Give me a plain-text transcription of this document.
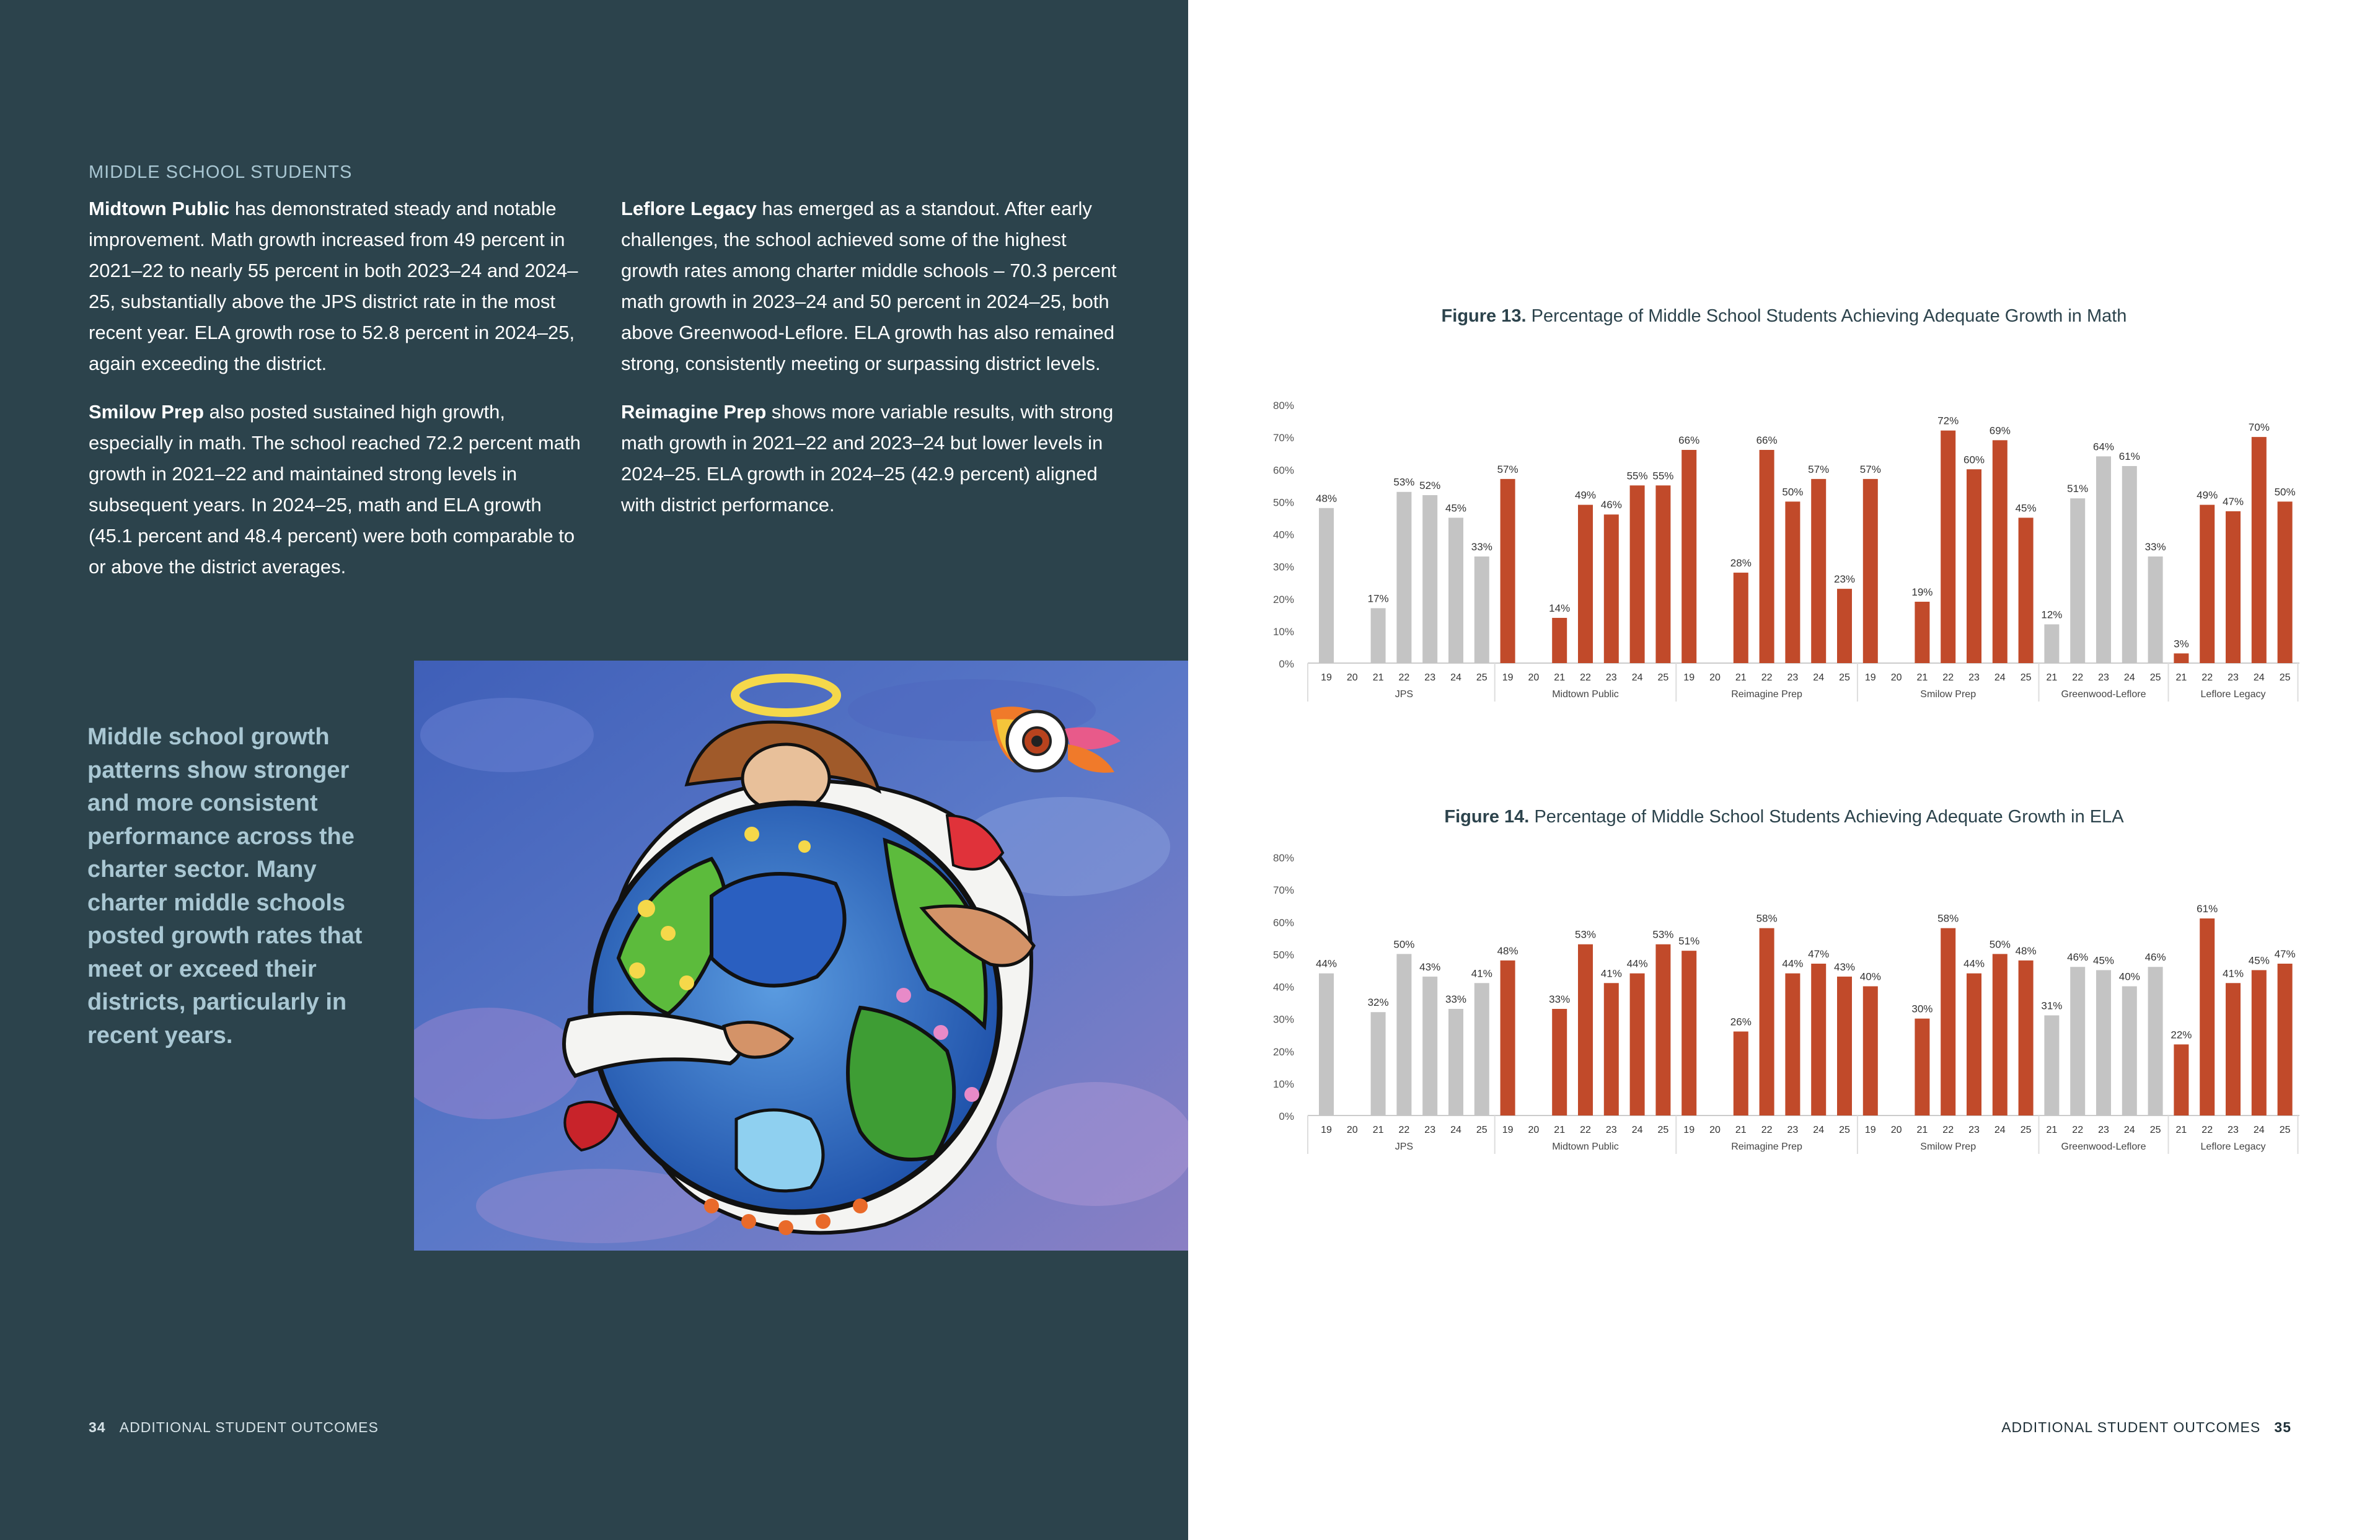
MIDDLE SCHOOL STUDENTS

Midtown Public has demonstrated steady and notable improvement. Math growth increased from 49 percent in 2021–22 to nearly 55 percent in both 2023–24 and 2024–25, substantially above the JPS district rate in the most recent year. ELA growth rose to 52.8 percent in 2024–25, again exceeding the district.

Smilow Prep also posted sustained high growth, especially in math. The school reached 72.2 percent math growth in 2021–22 and maintained strong levels in subsequent years. In 2024–25, math and ELA growth (45.1 percent and 48.4 percent) were both comparable to or above the district averages.

Leflore Legacy has emerged as a standout. After early challenges, the school achieved some of the highest growth rates among charter middle schools – 70.3 percent math growth in 2023–24 and 50 percent in 2024–25, both above Greenwood-Leflore. ELA growth has also remained strong, consistently meeting or surpassing district levels.

Reimagine Prep shows more variable results, with strong math growth in 2021–22 and 2023–24 but lower levels in 2024–25. ELA growth in 2024–25 (42.9 percent) aligned with district performance.

Middle school growth patterns show stronger and more consistent performance across the charter sector. Many charter middle schools posted growth rates that meet or exceed their districts, particularly in recent years.
34 ADDITIONAL STUDENT OUTCOMES
Figure 13. Percentage of Middle School Students Achieving Adequate Growth in Math
0%
10%
20%
30%
40%
50%
60%
70%
80%
48%
19 20
17%
21
53%
22
52%
23
45%
24
33%
25
JPS
57%
19 20
14%
21
49%
22
46%
23
55%
24
55%
25
Midtown Public
66%
19 20
28%
21
66%
22
50%
23
57%
24
23%
25
Reimagine Prep
57%
19 20
19%
21
72%
22
60%
23
69%
24
45%
25
Smilow Prep
12%
21
51%
22
64%
23
61%
24
33%
25
Greenwood-Leflore
3%
21
49%
22
47%
23
70%
24
50%
25
Leflore Legacy
Figure 14. Percentage of Middle School Students Achieving Adequate Growth in ELA
0%
10%
20%
30%
40%
50%
60%
70%
80%
44%
19 20
32%
21
50%
22
43%
23
33%
24
41%
25
JPS
48%
19 20
33%
21
53%
22
41%
23
44%
24
53%
25
Midtown Public
51%
19 20
26%
21
58%
22
44%
23
47%
24
43%
25
Reimagine Prep
40%
19 20
30%
21
58%
22
44%
23
50%
24
48%
25
Smilow Prep
31%
21
46%
22
45%
23
40%
24
46%
25
Greenwood-Leflore
22%
21
61%
22
41%
23
45%
24
47%
25
Leflore Legacy
ADDITIONAL STUDENT OUTCOMES 35
